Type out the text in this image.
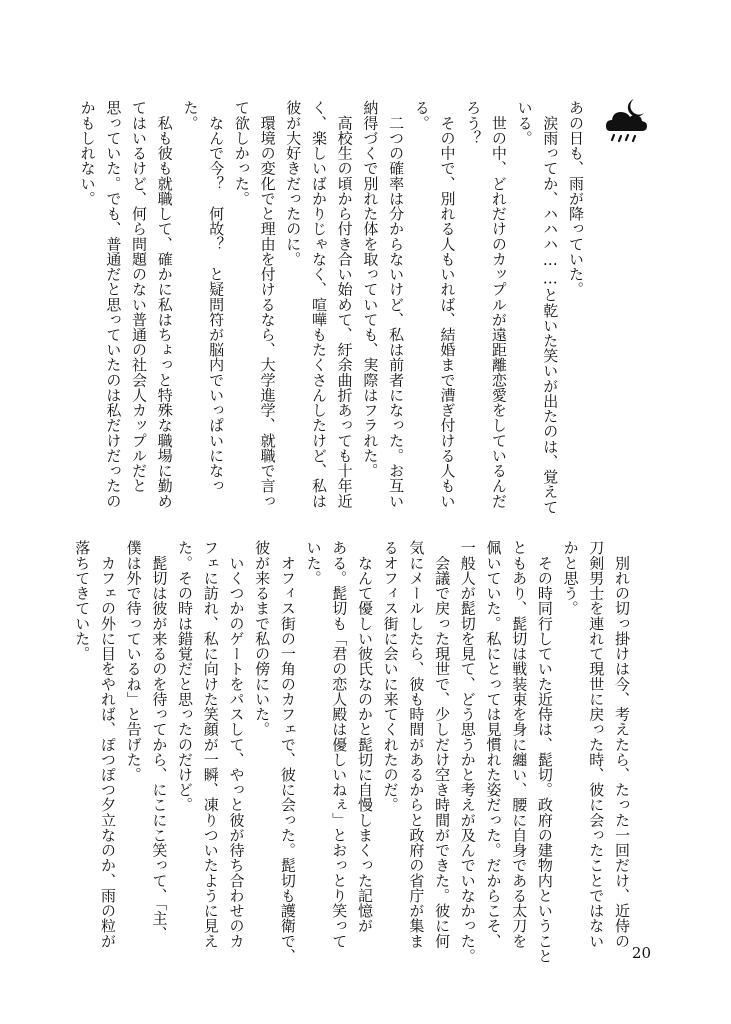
あの日も、雨が降っていた。

　涙雨ってか、ハハハ……と乾いた笑いが出たのは、覚えて

いる。

　世の中、どれだけのカップルが遠距離恋愛をしているんだ

ろう？

　その中で、別れる人もいれば、結婚まで漕ぎ付ける人もい

る。

　二つの確率は分からないけど、私は前者になった。お互い

納得づくで別れた体を取っていても、実際はフラれた。

　高校生の頃から付き合い始めて、紆余曲折あっても十年近

く、楽しいばかりじゃなく、喧嘩もたくさんしたけど、私は

彼が大好きだったのに。

　環境の変化でと理由を付けるなら、大学進学、就職で言っ

て欲しかった。

　なんで今？　何故？　と疑問符が脳内でいっぱいになっ

た。

　私も彼も就職して、確かに私はちょっと特殊な職場に勤め

てはいるけど、何ら問題のない普通の社会人カップルだと

思っていた。でも、普通だと思っていたのは私だけだったの

かもしれない。

　別れの切っ掛けは今、考えたら、たった一回だけ、近侍の

刀剣男士を連れて現世に戻った時、彼に会ったことではない

かと思う。

　その時同行していた近侍は、髭切。政府の建物内ということ

ともあり、髭切は戦装束を身に纏い、腰に自身である太刀を

佩いていた。私にとっては見慣れた姿だった。だからこそ、

一般人が髭切を見て、どう思うかと考えが及んでいなかった。

　会議で戻った現世で、少しだけ空き時間ができた。彼に何

気にメールしたら、彼も時間があるからと政府の省庁が集ま

るオフィス街に会いに来てくれたのだ。

　なんて優しい彼氏なのかと髭切に自慢しまくった記憶が

ある。髭切も「君の恋人殿は優しいねぇ」とおっとり笑って

いた。

　オフィス街の一角のカフェで、彼に会った。髭切も護衛で、

彼が来るまで私の傍にいた。

　いくつかのゲートをパスして、やっと彼が待ち合わせのカ

フェに訪れ、私に向けた笑顔が一瞬、凍りついたように見え

た。その時は錯覚だと思ったのだけど。

　髭切は彼が来るのを待ってから、にこにこ笑って、「主、

僕は外で待っているね」と告げた。

　カフェの外に目をやれば、ぽつぽつ夕立なのか、雨の粒が

落ちてきていた。

20
